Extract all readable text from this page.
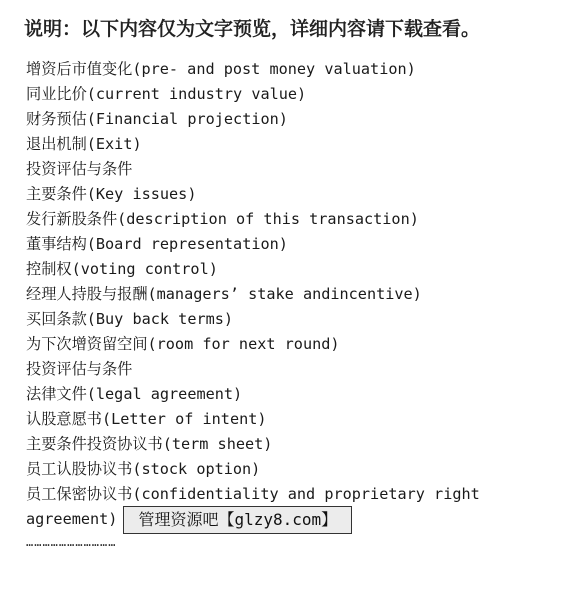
说明：以下内容仅为文字预览，详细内容请下载查看。
增资后市值变化(pre- and post money valuation)
同业比价(current industry value)
财务预估(Financial projection)
退出机制(Exit)
投资评估与条件
主要条件(Key issues)
发行新股条件(description of this transaction)
董事结构(Board representation)
控制权(voting control)
经理人持股与报酬(managers’ stake andincentive)
买回条款(Buy back terms)
为下次增资留空间(room for next round)
投资评估与条件
法律文件(legal agreement)
认股意愿书(Letter of intent)
主要条件投资协议书(term sheet)
员工认股协议书(stock option)
员工保密协议书(confidentiality and proprietary right
agreement)	管理资源吧【glzy8.com】
……………………………
